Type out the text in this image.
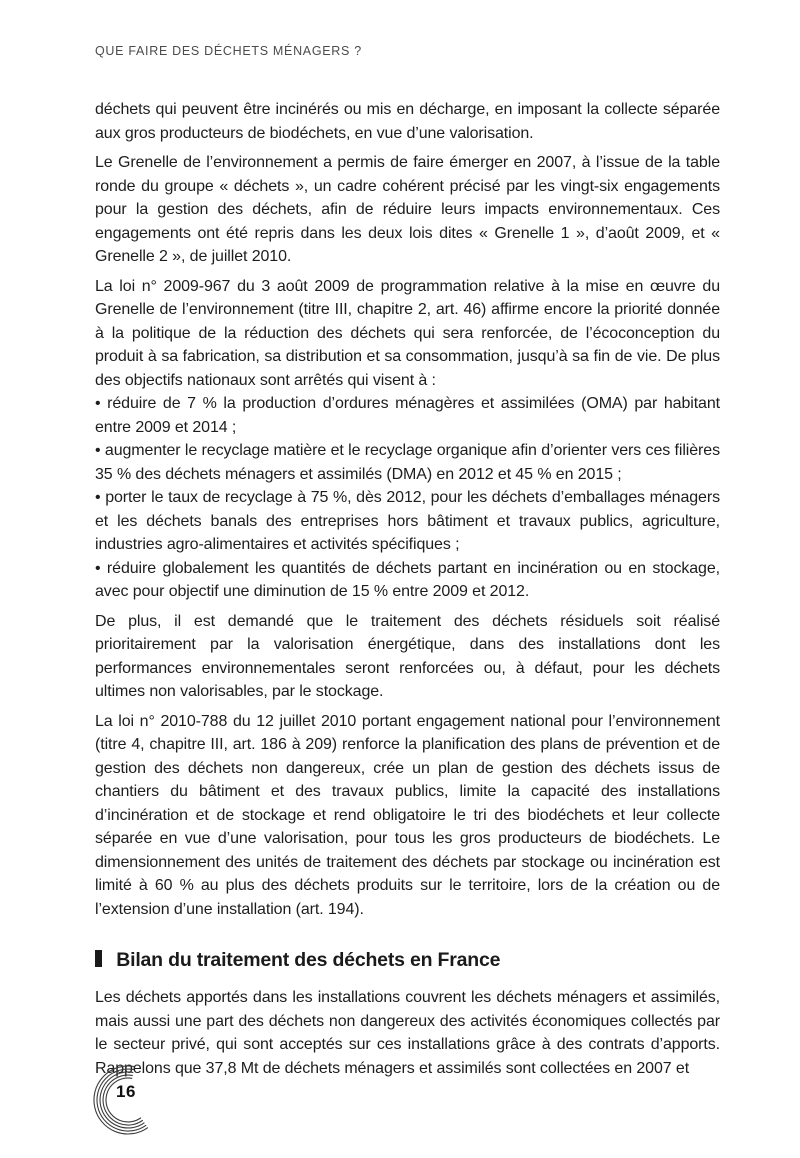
QUE FAIRE DES DÉCHETS MÉNAGERS ?

déchets qui peuvent être incinérés ou mis en décharge, en imposant la collecte séparée aux gros producteurs de biodéchets, en vue d’une valorisation.

Le Grenelle de l’environnement a permis de faire émerger en 2007, à l’issue de la table ronde du groupe « déchets », un cadre cohérent précisé par les vingt-six engagements pour la gestion des déchets, afin de réduire leurs impacts environnementaux. Ces engagements ont été repris dans les deux lois dites « Grenelle 1 », d’août 2009, et « Grenelle 2 », de juillet 2010.

La loi n° 2009-967 du 3 août 2009 de programmation relative à la mise en œuvre du Grenelle de l’environnement (titre III, chapitre 2, art. 46) affirme encore la priorité donnée à la politique de la réduction des déchets qui sera renforcée, de l’écoconception du produit à sa fabrication, sa distribution et sa consommation, jusqu’à sa fin de vie. De plus des objectifs nationaux sont arrêtés qui visent à :

• réduire de 7 % la production d’ordures ménagères et assimilées (OMA) par habitant entre 2009 et 2014 ;

• augmenter le recyclage matière et le recyclage organique afin d’orienter vers ces filières 35 % des déchets ménagers et assimilés (DMA) en 2012 et 45 % en 2015 ;

• porter le taux de recyclage à 75 %, dès 2012, pour les déchets d’emballages ménagers et les déchets banals des entreprises hors bâtiment et travaux publics, agriculture, industries agro-alimentaires et activités spécifiques ;

• réduire globalement les quantités de déchets partant en incinération ou en stockage, avec pour objectif une diminution de 15 % entre 2009 et 2012.

De plus, il est demandé que le traitement des déchets résiduels soit réalisé prioritairement par la valorisation énergétique, dans des installations dont les performances environnementales seront renforcées ou, à défaut, pour les déchets ultimes non valorisables, par le stockage.

La loi n° 2010-788 du 12 juillet 2010 portant engagement national pour l’environnement (titre 4, chapitre III, art. 186 à 209) renforce la planification des plans de prévention et de gestion des déchets non dangereux, crée un plan de gestion des déchets issus de chantiers du bâtiment et des travaux publics, limite la capacité des installations d’incinération et de stockage et rend obligatoire le tri des biodéchets et leur collecte séparée en vue d’une valorisation, pour tous les gros producteurs de biodéchets. Le dimensionnement des unités de traitement des déchets par stockage ou incinération est limité à 60 % au plus des déchets produits sur le territoire, lors de la création ou de l’extension d’une installation (art. 194).

Bilan du traitement des déchets en France

Les déchets apportés dans les installations couvrent les déchets ménagers et assimilés, mais aussi une part des déchets non dangereux des activités économiques collectés par le secteur privé, qui sont acceptés sur ces installations grâce à des contrats d’apports. Rappelons que 37,8 Mt de déchets ménagers et assimilés sont collectées en 2007 et

16
